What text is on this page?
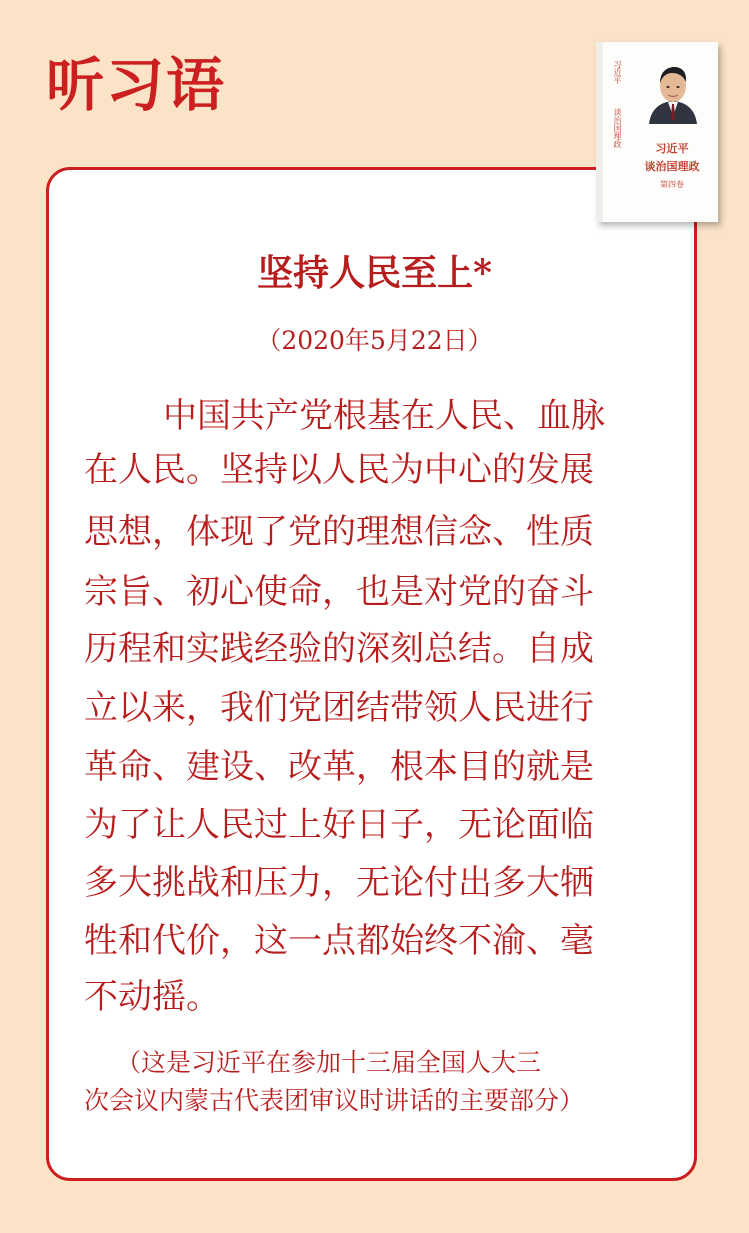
听习语	习近平
谈治国理政
习近平
谈治国理政
第四卷
坚持人民至上*
（2020年5月22日）
中国共产党根基在人民、血脉
在人民。坚持以人民为中心的发展
思想，体现了党的理想信念、性质
宗旨、初心使命，也是对党的奋斗
历程和实践经验的深刻总结。自成
立以来，我们党团结带领人民进行
革命、建设、改革，根本目的就是
为了让人民过上好日子，无论面临
多大挑战和压力，无论付出多大牺
牲和代价，这一点都始终不渝、毫
不动摇。
（这是习近平在参加十三届全国人大三
次会议内蒙古代表团审议时讲话的主要部分）
